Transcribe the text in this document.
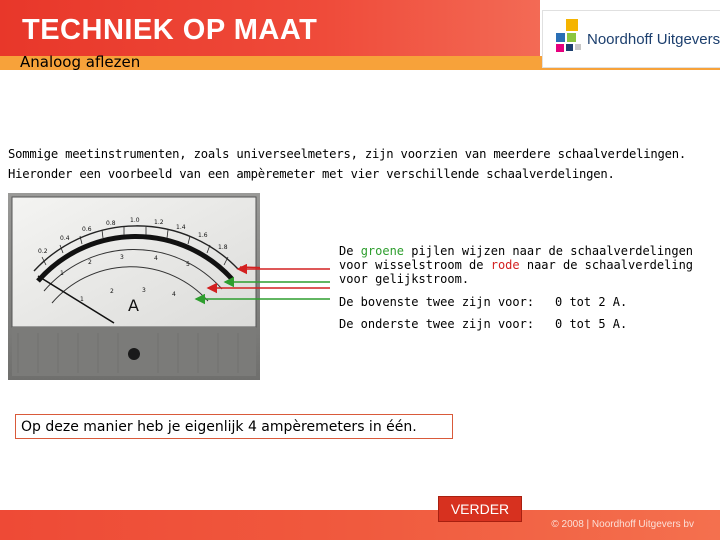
TECHNIEK OP MAAT
Analoog aflezen
Noordhoff Uitgevers
Sommige meetinstrumenten, zoals universeelmeters, zijn voorzien van meerdere schaalverdelingen.
Hieronder een voorbeeld van een ampèremeter met vier verschillende schaalverdelingen.
0.2
0.4
0.6
0.8 1.0 1.2
1.4
1.6
1.8
1
2
3	4
5
1
2	3
4
A
De groene pijlen wijzen naar de schaalverdelingen voor wisselstroom de rode naar de schaalverdeling voor gelijkstroom.
De bovenste twee zijn voor: 0 tot 2 A.
De onderste twee zijn voor: 0 tot 5 A.
Op deze manier heb je eigenlijk 4 ampèremeters in één.
© 2008 | Noordhoff Uitgevers bv
VERDER
